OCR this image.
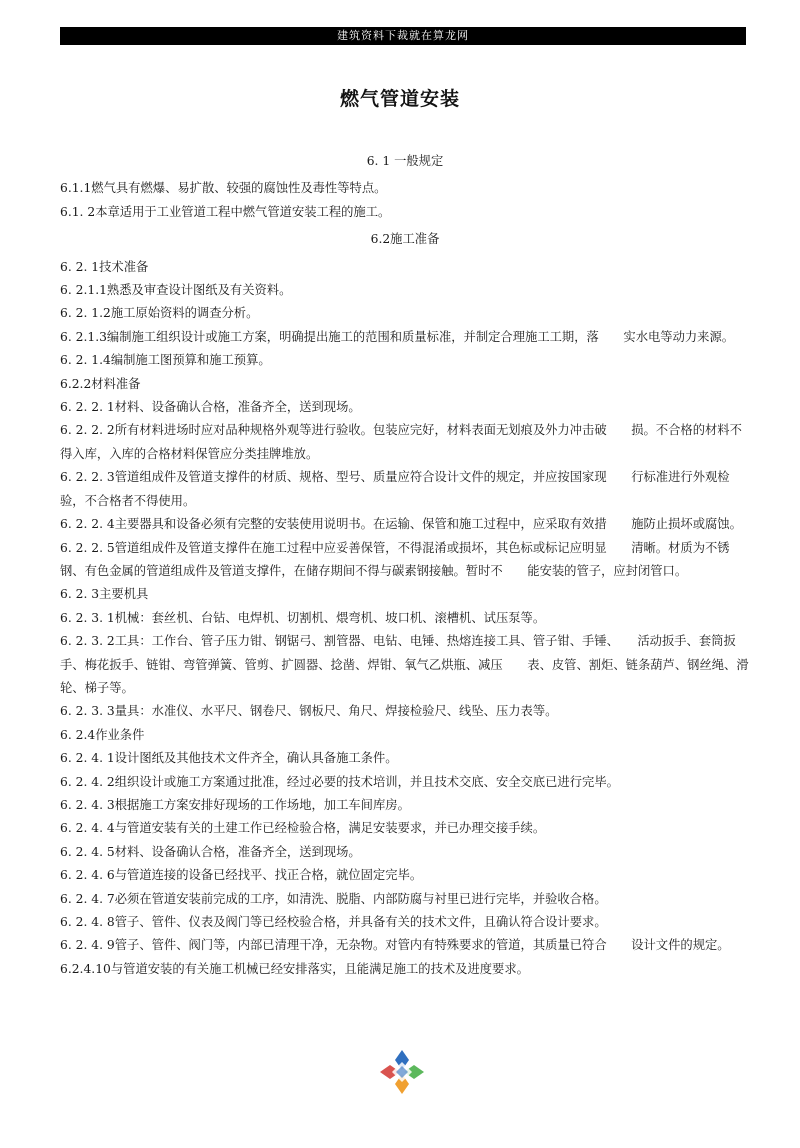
建筑资料下裁就在算龙网
燃气管道安装

6. 1 一般规定

6.1.1燃气具有燃爆、易扩散、较强的腐蚀性及毒性等特点。

6.1. 2本章适用于工业管道工程中燃气管道安装工程的施工。

6.2施工准备

6. 2. 1技术准备

6. 2.1.1熟悉及审查设计图纸及有关资料。

6. 2. 1.2施工原始资料的调查分析。

6. 2.1.3编制施工组织设计或施工方案，明确提出施工的范围和质量标准，并制定合理施工工期，落　　实水电等动力来源。

6. 2. 1.4编制施工图预算和施工预算。

6.2.2材料准备

6. 2. 2. 1材料、设备确认合格，准备齐全，送到现场。

6. 2. 2. 2所有材料进场时应对品种规格外观等进行验收。包装应完好，材料表面无划痕及外力冲击破　　损。不合格的材料不得入库，入库的合格材料保管应分类挂牌堆放。

6. 2. 2. 3管道组成件及管道支撑件的材质、规格、型号、质量应符合设计文件的规定，并应按国家现　　行标准进行外观检验，不合格者不得使用。

6. 2. 2. 4主要器具和设备必须有完整的安装使用说明书。在运输、保管和施工过程中，应采取有效措　　施防止损坏或腐蚀。

6. 2. 2. 5管道组成件及管道支撑件在施工过程中应妥善保管，不得混淆或损坏，其色标或标记应明显　　清晰。材质为不锈钢、有色金属的管道组成件及管道支撑件，在储存期间不得与碳素钢接触。暂时不　　能安装的管子，应封闭管口。

6. 2. 3主要机具

6. 2. 3. 1机械：套丝机、台钻、电焊机、切割机、煨弯机、坡口机、滚槽机、试压泵等。

6. 2. 3. 2工具：工作台、管子压力钳、钢锯弓、割管器、电钻、电锤、热熔连接工具、管子钳、手锤、　　活动扳手、套筒扳手、梅花扳手、链钳、弯管弹簧、管剪、扩圆器、捻凿、焊钳、氧气乙烘瓶、减压　　表、皮管、割炬、链条葫芦、钢丝绳、滑轮、梯子等。

6. 2. 3. 3量具：水准仪、水平尺、钢卷尺、钢板尺、角尺、焊接检验尺、线坠、压力表等。

6. 2.4作业条件

6. 2. 4. 1设计图纸及其他技术文件齐全，确认具备施工条件。

6. 2. 4. 2组织设计或施工方案通过批准，经过必要的技术培训，并且技术交底、安全交底已进行完毕。

6. 2. 4. 3根据施工方案安排好现场的工作场地，加工车间库房。

6. 2. 4. 4与管道安装有关的土建工作已经检验合格，满足安装要求，并已办理交接手续。

6. 2. 4. 5材料、设备确认合格，准备齐全，送到现场。

6. 2. 4. 6与管道连接的设备已经找平、找正合格，就位固定完毕。

6. 2. 4. 7必须在管道安装前完成的工序，如清洗、脱脂、内部防腐与衬里已进行完毕，并验收合格。

6. 2. 4. 8管子、管件、仪表及阀门等已经校验合格，并具备有关的技术文件，且确认符合设计要求。

6. 2. 4. 9管子、管件、阀门等，内部已清理干净，无杂物。对管内有特殊要求的管道，其质量已符合　　设计文件的规定。

6.2.4.10与管道安装的有关施工机械已经安排落实，且能满足施工的技术及进度要求。
